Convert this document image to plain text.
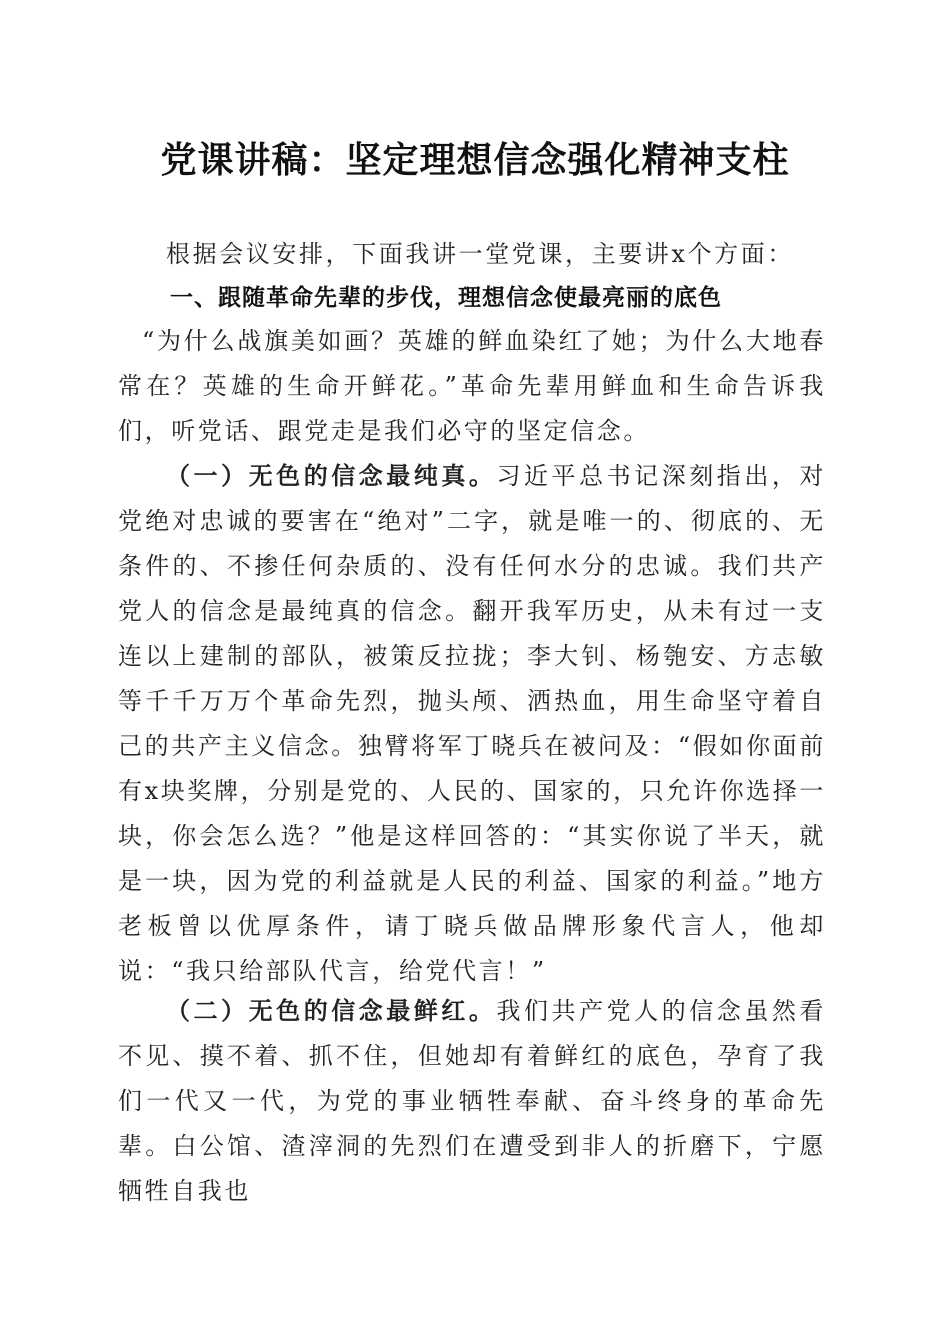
党课讲稿：坚定理想信念强化精神支柱

根据会议安排，下面我讲一堂党课，主要讲x个方面：

一、跟随革命先辈的步伐，理想信念使最亮丽的底色

“为什么战旗美如画？英雄的鲜血染红了她；为什么大地春常在？英雄的生命开鲜花。”革命先辈用鲜血和生命告诉我们，听党话、跟党走是我们必守的坚定信念。

（一）无色的信念最纯真。习近平总书记深刻指出，对党绝对忠诚的要害在“绝对”二字，就是唯一的、彻底的、无条件的、不掺任何杂质的、没有任何水分的忠诚。我们共产党人的信念是最纯真的信念。翻开我军历史，从未有过一支连以上建制的部队，被策反拉拢；李大钊、杨匏安、方志敏等千千万万个革命先烈，抛头颅、洒热血，用生命坚守着自己的共产主义信念。独臂将军丁晓兵在被问及：“假如你面前有x块奖牌，分别是党的、人民的、国家的，只允许你选择一块，你会怎么选？”他是这样回答的：“其实你说了半天，就是一块，因为党的利益就是人民的利益、国家的利益。”地方老板曾以优厚条件，请丁晓兵做品牌形象代言人，他却说：“我只给部队代言，给党代言！”

（二）无色的信念最鲜红。我们共产党人的信念虽然看不见、摸不着、抓不住，但她却有着鲜红的底色，孕育了我们一代又一代，为党的事业牺牲奉献、奋斗终身的革命先辈。白公馆、渣滓洞的先烈们在遭受到非人的折磨下，宁愿牺牲自我也
